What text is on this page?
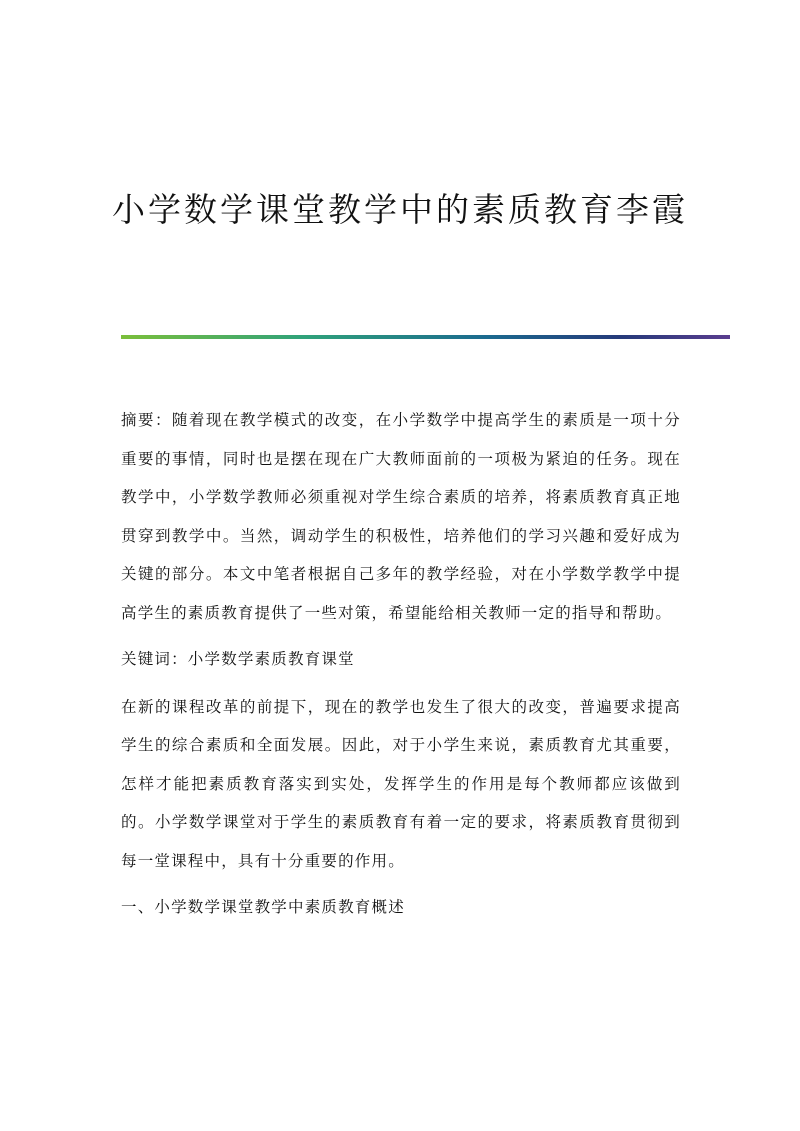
小学数学课堂教学中的素质教育李霞

摘要：随着现在教学模式的改变，在小学数学中提高学生的素质是一项十分重要的事情，同时也是摆在现在广大教师面前的一项极为紧迫的任务。现在教学中，小学数学教师必须重视对学生综合素质的培养，将素质教育真正地贯穿到教学中。当然，调动学生的积极性，培养他们的学习兴趣和爱好成为关键的部分。本文中笔者根据自己多年的教学经验，对在小学数学教学中提高学生的素质教育提供了一些对策，希望能给相关教师一定的指导和帮助。

关键词：小学数学素质教育课堂

在新的课程改革的前提下，现在的教学也发生了很大的改变，普遍要求提高学生的综合素质和全面发展。因此，对于小学生来说，素质教育尤其重要，怎样才能把素质教育落实到实处，发挥学生的作用是每个教师都应该做到的。小学数学课堂对于学生的素质教育有着一定的要求，将素质教育贯彻到每一堂课程中，具有十分重要的作用。

一、小学数学课堂教学中素质教育概述
